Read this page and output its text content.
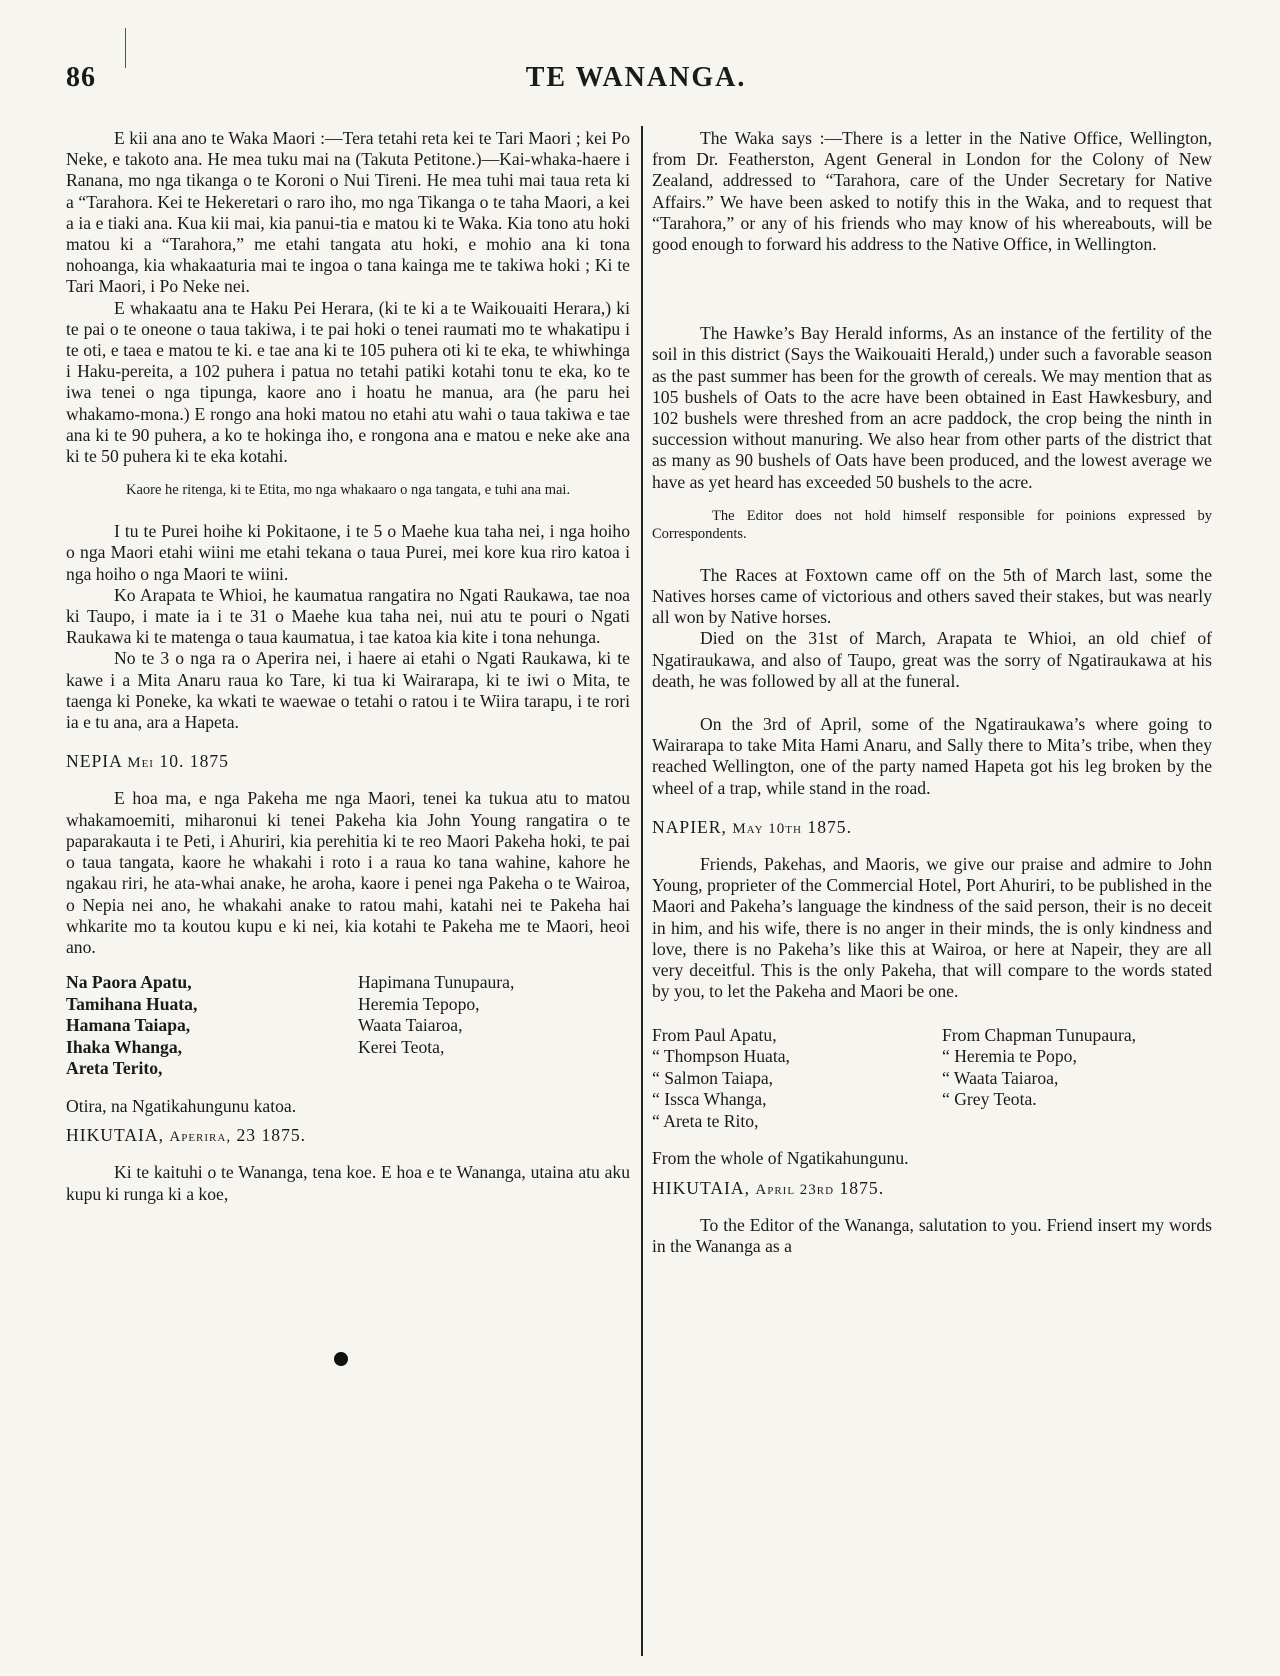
86	TE WANANGA.

E kii ana ano te Waka Maori :—Tera tetahi reta kei te Tari Maori ; kei Po Neke, e takoto ana. He mea tuku mai na (Takuta Petitone.)—Kai-whaka-haere i Ranana, mo nga tikanga o te Koroni o Nui Tireni. He mea tuhi mai taua reta ki a “Tarahora. Kei te Hekeretari o raro iho, mo nga Tikanga o te taha Maori, a kei a ia e tiaki ana. Kua kii mai, kia panui-tia e matou ki te Waka. Kia tono atu hoki matou ki a “Tarahora,” me etahi tangata atu hoki, e mohio ana ki tona nohoanga, kia whakaaturia mai te ingoa o tana kainga me te takiwa hoki ; Ki te Tari Maori, i Po Neke nei.

E whakaatu ana te Haku Pei Herara, (ki te ki a te Waikouaiti Herara,) ki te pai o te oneone o taua takiwa, i te pai hoki o tenei raumati mo te whakatipu i te oti, e taea e matou te ki. e tae ana ki te 105 puhera oti ki te eka, te whiwhinga i Haku-pereita, a 102 puhera i patua no tetahi patiki kotahi tonu te eka, ko te iwa tenei o nga tipunga, kaore ano i hoatu he manua, ara (he paru hei whakamo-mona.) E rongo ana hoki matou no etahi atu wahi o taua takiwa e tae ana ki te 90 puhera, a ko te hokinga iho, e rongona ana e matou e neke ake ana ki te 50 puhera ki te eka kotahi.

Kaore he ritenga, ki te Etita, mo nga whakaaro o nga tangata, e tuhi ana mai.

I tu te Purei hoihe ki Pokitaone, i te 5 o Maehe kua taha nei, i nga hoiho o nga Maori etahi wiini me etahi tekana o taua Purei, mei kore kua riro katoa i nga hoiho o nga Maori te wiini.

Ko Arapata te Whioi, he kaumatua rangatira no Ngati Raukawa, tae noa ki Taupo, i mate ia i te 31 o Maehe kua taha nei, nui atu te pouri o Ngati Raukawa ki te matenga o taua kaumatua, i tae katoa kia kite i tona nehunga.

No te 3 o nga ra o Aperira nei, i haere ai etahi o Ngati Raukawa, ki te kawe i a Mita Anaru raua ko Tare, ki tua ki Wairarapa, ki te iwi o Mita, te taenga ki Poneke, ka wkati te waewae o tetahi o ratou i te Wiira tarapu, i te rori ia e tu ana, ara a Hapeta.

NEPIA Mei 10. 1875

E hoa ma, e nga Pakeha me nga Maori, tenei ka tukua atu to matou whakamoemiti, miharonui ki tenei Pakeha kia John Young rangatira o te paparakauta i te Peti, i Ahuriri, kia perehitia ki te reo Maori Pakeha hoki, te pai o taua tangata, kaore he whakahi i roto i a raua ko tana wahine, kahore he ngakau riri, he ata-whai anake, he aroha, kaore i penei nga Pakeha o te Wairoa, o Nepia nei ano, he whakahi anake to ratou mahi, katahi nei te Pakeha hai whkarite mo ta koutou kupu e ki nei, kia kotahi te Pakeha me te Maori, heoi ano.

Na Paora Apatu,
Tamihana Huata,
Hamana Taiapa,
Ihaka Whanga,
Areta Terito,
Hapimana Tunupaura,
Heremia Tepopo,
Waata Taiaroa,
Kerei Teota,

Otira, na Ngatikahungunu katoa.

HIKUTAIA, Aperira, 23 1875.

Ki te kaituhi o te Wananga, tena koe. E hoa e te Wananga, utaina atu aku kupu ki runga ki a koe,

The Waka says :—There is a letter in the Native Office, Wellington, from Dr. Featherston, Agent General in London for the Colony of New Zealand, addressed to “Tarahora, care of the Under Secretary for Native Affairs.” We have been asked to notify this in the Waka, and to request that “Tarahora,” or any of his friends who may know of his whereabouts, will be good enough to forward his address to the Native Office, in Wellington.

The Hawke’s Bay Herald informs, As an instance of the fertility of the soil in this district (Says the Waikouaiti Herald,) under such a favorable season as the past summer has been for the growth of cereals. We may mention that as 105 bushels of Oats to the acre have been obtained in East Hawkesbury, and 102 bushels were threshed from an acre paddock, the crop being the ninth in succession without manuring. We also hear from other parts of the district that as many as 90 bushels of Oats have been produced, and the lowest average we have as yet heard has exceeded 50 bushels to the acre.

The Editor does not hold himself responsible for poinions expressed by Correspondents.

The Races at Foxtown came off on the 5th of March last, some the Natives horses came of victorious and others saved their stakes, but was nearly all won by Native horses.

Died on the 31st of March, Arapata te Whioi, an old chief of Ngatiraukawa, and also of Taupo, great was the sorry of Ngatiraukawa at his death, he was followed by all at the funeral.

On the 3rd of April, some of the Ngatiraukawa’s where going to Wairarapa to take Mita Hami Anaru, and Sally there to Mita’s tribe, when they reached Wellington, one of the party named Hapeta got his leg broken by the wheel of a trap, while stand in the road.

NAPIER, May 10th 1875.

Friends, Pakehas, and Maoris, we give our praise and admire to John Young, proprieter of the Commercial Hotel, Port Ahuriri, to be published in the Maori and Pakeha’s language the kindness of the said person, their is no deceit in him, and his wife, there is no anger in their minds, the is only kindness and love, there is no Pakeha’s like this at Wairoa, or here at Napeir, they are all very deceitful. This is the only Pakeha, that will compare to the words stated by you, to let the Pakeha and Maori be one.

From Paul Apatu,
“ Thompson Huata,
“ Salmon Taiapa,
“ Issca Whanga,
“ Areta te Rito,
From Chapman Tunupaura,
“ Heremia te Popo,
“ Waata Taiaroa,
“ Grey Teota.

From the whole of Ngatikahungunu.

HIKUTAIA, April 23rd 1875.

To the Editor of the Wananga, salutation to you. Friend insert my words in the Wananga as a
